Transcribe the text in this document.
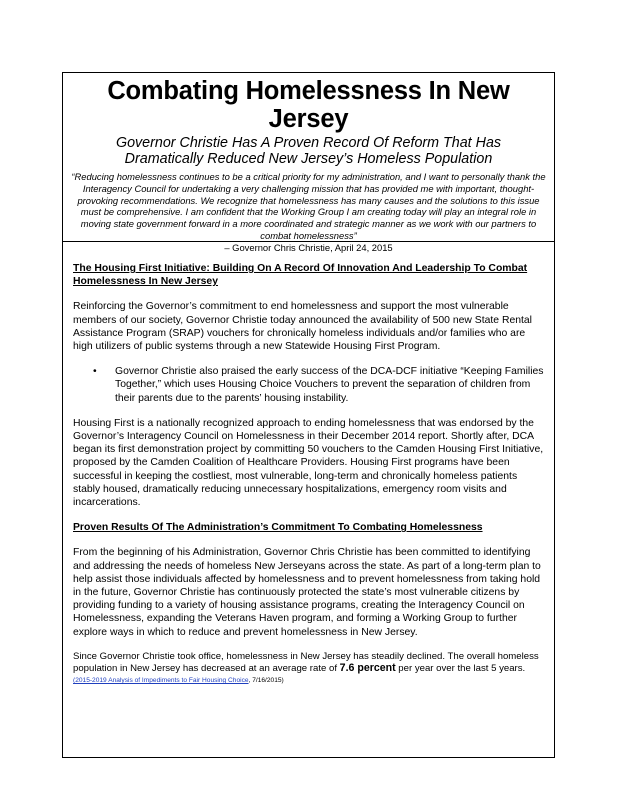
Combating Homelessness In New Jersey
Governor Christie Has A Proven Record Of Reform That Has Dramatically Reduced New Jersey’s Homeless Population
“Reducing homelessness continues to be a critical priority for my administration, and I want to personally thank the Interagency Council for undertaking a very challenging mission that has provided me with important, thought-provoking recommendations. We recognize that homelessness has many causes and the solutions to this issue must be comprehensive. I am confident that the Working Group I am creating today will play an integral role in moving state government forward in a more coordinated and strategic manner as we work with our partners to combat homelessness”
– Governor Chris Christie, April 24, 2015
The Housing First Initiative: Building On A Record Of Innovation And Leadership To Combat Homelessness In New Jersey
Reinforcing the Governor’s commitment to end homelessness and support the most vulnerable members of our society, Governor Christie today announced the availability of 500 new State Rental Assistance Program (SRAP) vouchers for chronically homeless individuals and/or families who are high utilizers of public systems through a new Statewide Housing First Program.
•	Governor Christie also praised the early success of the DCA-DCF initiative “Keeping Families Together,” which uses Housing Choice Vouchers to prevent the separation of children from their parents due to the parents’ housing instability.
Housing First is a nationally recognized approach to ending homelessness that was endorsed by the Governor’s Interagency Council on Homelessness in their December 2014 report. Shortly after, DCA began its first demonstration project by committing 50 vouchers to the Camden Housing First Initiative, proposed by the Camden Coalition of Healthcare Providers. Housing First programs have been successful in keeping the costliest, most vulnerable, long-term and chronically homeless patients stably housed, dramatically reducing unnecessary hospitalizations, emergency room visits and incarcerations.
Proven Results Of The Administration’s Commitment To Combating Homelessness
From the beginning of his Administration, Governor Chris Christie has been committed to identifying and addressing the needs of homeless New Jerseyans across the state. As part of a long-term plan to help assist those individuals affected by homelessness and to prevent homelessness from taking hold in the future, Governor Christie has continuously protected the state’s most vulnerable citizens by providing funding to a variety of housing assistance programs, creating the Interagency Council on Homelessness, expanding the Veterans Haven program, and forming a Working Group to further explore ways in which to reduce and prevent homelessness in New Jersey.

Since Governor Christie took office, homelessness in New Jersey has steadily declined. The overall homeless population in New Jersey has decreased at an average rate of 7.6 percent per year over the last 5 years. (2015-2019 Analysis of Impediments to Fair Housing Choice, 7/16/2015)
